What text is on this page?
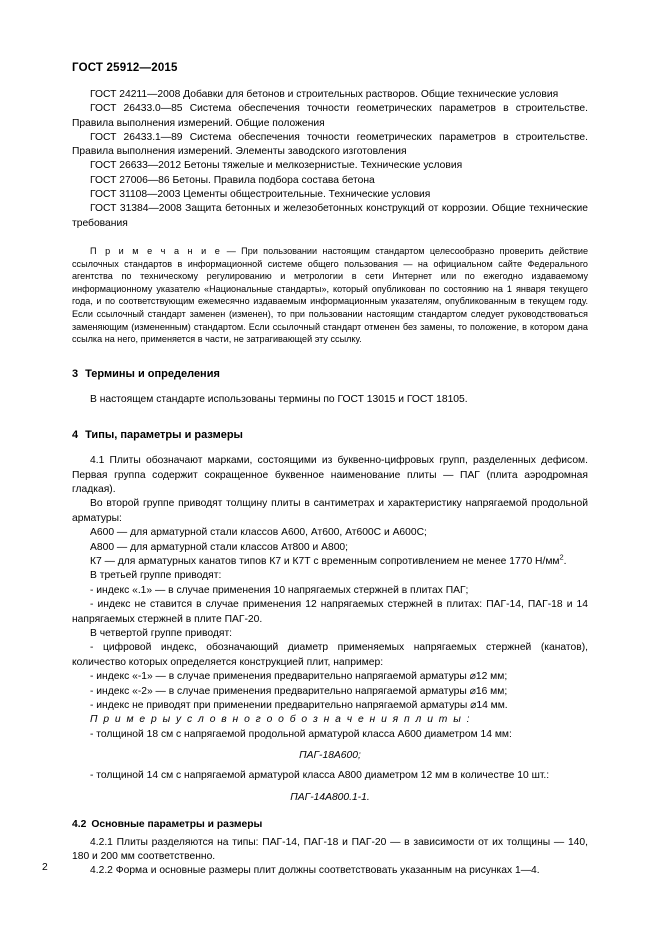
ГОСТ 25912—2015

ГОСТ 24211—2008 Добавки для бетонов и строительных растворов. Общие технические условия

ГОСТ 26433.0—85 Система обеспечения точности геометрических параметров в строительстве. Правила выполнения измерений. Общие положения

ГОСТ 26433.1—89 Система обеспечения точности геометрических параметров в строительстве. Правила выполнения измерений. Элементы заводского изготовления

ГОСТ 26633—2012 Бетоны тяжелые и мелкозернистые. Технические условия

ГОСТ 27006—86 Бетоны. Правила подбора состава бетона

ГОСТ 31108—2003 Цементы общестроительные. Технические условия

ГОСТ 31384—2008 Защита бетонных и железобетонных конструкций от коррозии. Общие технические требования

П р и м е ч а н и е — При пользовании настоящим стандартом целесообразно проверить действие ссылочных стандартов в информационной системе общего пользования — на официальном сайте Федерального агентства по техническому регулированию и метрологии в сети Интернет или по ежегодно издаваемому информационному указателю «Национальные стандарты», который опубликован по состоянию на 1 января текущего года, и по соответствующим ежемесячно издаваемым информационным указателям, опубликованным в текущем году. Если ссылочный стандарт заменен (изменен), то при пользовании настоящим стандартом следует руководствоваться заменяющим (измененным) стандартом. Если ссылочный стандарт отменен без замены, то положение, в котором дана ссылка на него, применяется в части, не затрагивающей эту ссылку.

3 Термины и определения

В настоящем стандарте использованы термины по ГОСТ 13015 и ГОСТ 18105.

4 Типы, параметры и размеры

4.1 Плиты обозначают марками, состоящими из буквенно-цифровых групп, разделенных дефисом. Первая группа содержит сокращенное буквенное наименование плиты — ПАГ (плита аэродромная гладкая).

Во второй группе приводят толщину плиты в сантиметрах и характеристику напрягаемой продольной арматуры:

А600 — для арматурной стали классов А600, Ат600, Ат600С и А600С;

А800 — для арматурной стали классов Ат800 и А800;

К7 — для арматурных канатов типов К7 и К7Т с временным сопротивлением не менее 1770 $Н/мм^2$.

В третьей группе приводят:

- индекс «.1» — в случае применения 10 напрягаемых стержней в плитах ПАГ;

- индекс не ставится в случае применения 12 напрягаемых стержней в плитах: ПАГ-14, ПАГ-18 и 14 напрягаемых стержней в плите ПАГ-20.

В четвертой группе приводят:

- цифровой индекс, обозначающий диаметр применяемых напрягаемых стержней (канатов), количество которых определяется конструкцией плит, например:

- индекс «-1» — в случае применения предварительно напрягаемой арматуры ⌀12 мм;

- индекс «-2» — в случае применения предварительно напрягаемой арматуры ⌀16 мм;

- индекс не приводят при применении предварительно напрягаемой арматуры ⌀14 мм.

П р и м е р ы у с л о в н о г о о б о з н а ч е н и я п л и т ы :

- толщиной 18 см с напрягаемой продольной арматурой класса А600 диаметром 14 мм:

ПАГ-18А600;

- толщиной 14 см с напрягаемой арматурой класса А800 диаметром 12 мм в количестве 10 шт.:

ПАГ-14А800.1-1.

4.2 Основные параметры и размеры

4.2.1 Плиты разделяются на типы: ПАГ-14, ПАГ-18 и ПАГ-20 — в зависимости от их толщины — 140, 180 и 200 мм соответственно.

4.2.2 Форма и основные размеры плит должны соответствовать указанным на рисунках 1—4.

2
